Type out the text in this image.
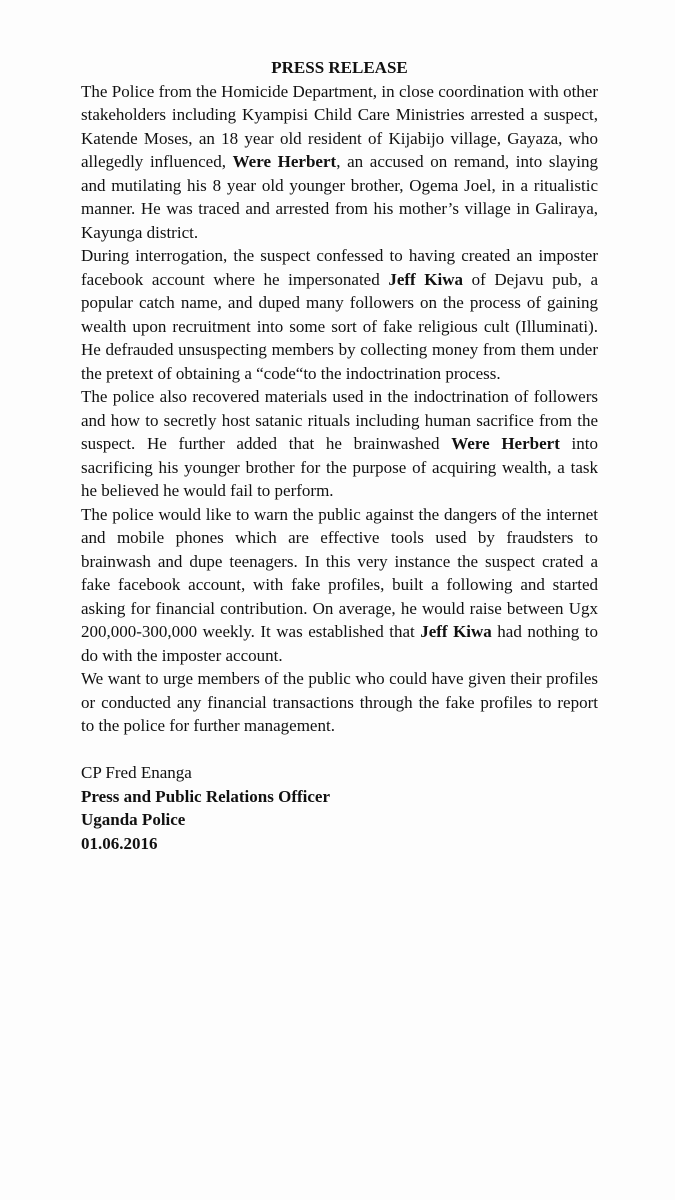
PRESS RELEASE

The Police from the Homicide Department, in close coordination with other stakeholders including Kyampisi Child Care Ministries arrested a suspect, Katende Moses, an 18 year old resident of Kijabijo village, Gayaza, who allegedly influenced, Were Herbert, an accused on remand, into slaying and mutilating his 8 year old younger brother, Ogema Joel, in a ritualistic manner. He was traced and arrested from his mother’s village in Galiraya, Kayunga district.

During interrogation, the suspect confessed to having created an imposter facebook account where he impersonated Jeff Kiwa of Dejavu pub, a popular catch name, and duped many followers on the process of gaining wealth upon recruitment into some sort of fake religious cult (Illuminati). He defrauded unsuspecting members by collecting money from them under the pretext of obtaining a “code“to the indoctrination process.

The police also recovered materials used in the indoctrination of followers and how to secretly host satanic rituals including human sacrifice from the suspect. He further added that he brainwashed Were Herbert into sacrificing his younger brother for the purpose of acquiring wealth, a task he believed he would fail to perform.

The police would like to warn the public against the dangers of the internet and mobile phones which are effective tools used by fraudsters to brainwash and dupe teenagers. In this very instance the suspect crated a fake facebook account, with fake profiles, built a following and started asking for financial contribution. On average, he would raise between Ugx 200,000-300,000 weekly. It was established that Jeff Kiwa had nothing to do with the imposter account.

We want to urge members of the public who could have given their profiles or conducted any financial transactions through the fake profiles to report to the police for further management.

CP Fred Enanga
Press and Public Relations Officer
Uganda Police
01.06.2016
